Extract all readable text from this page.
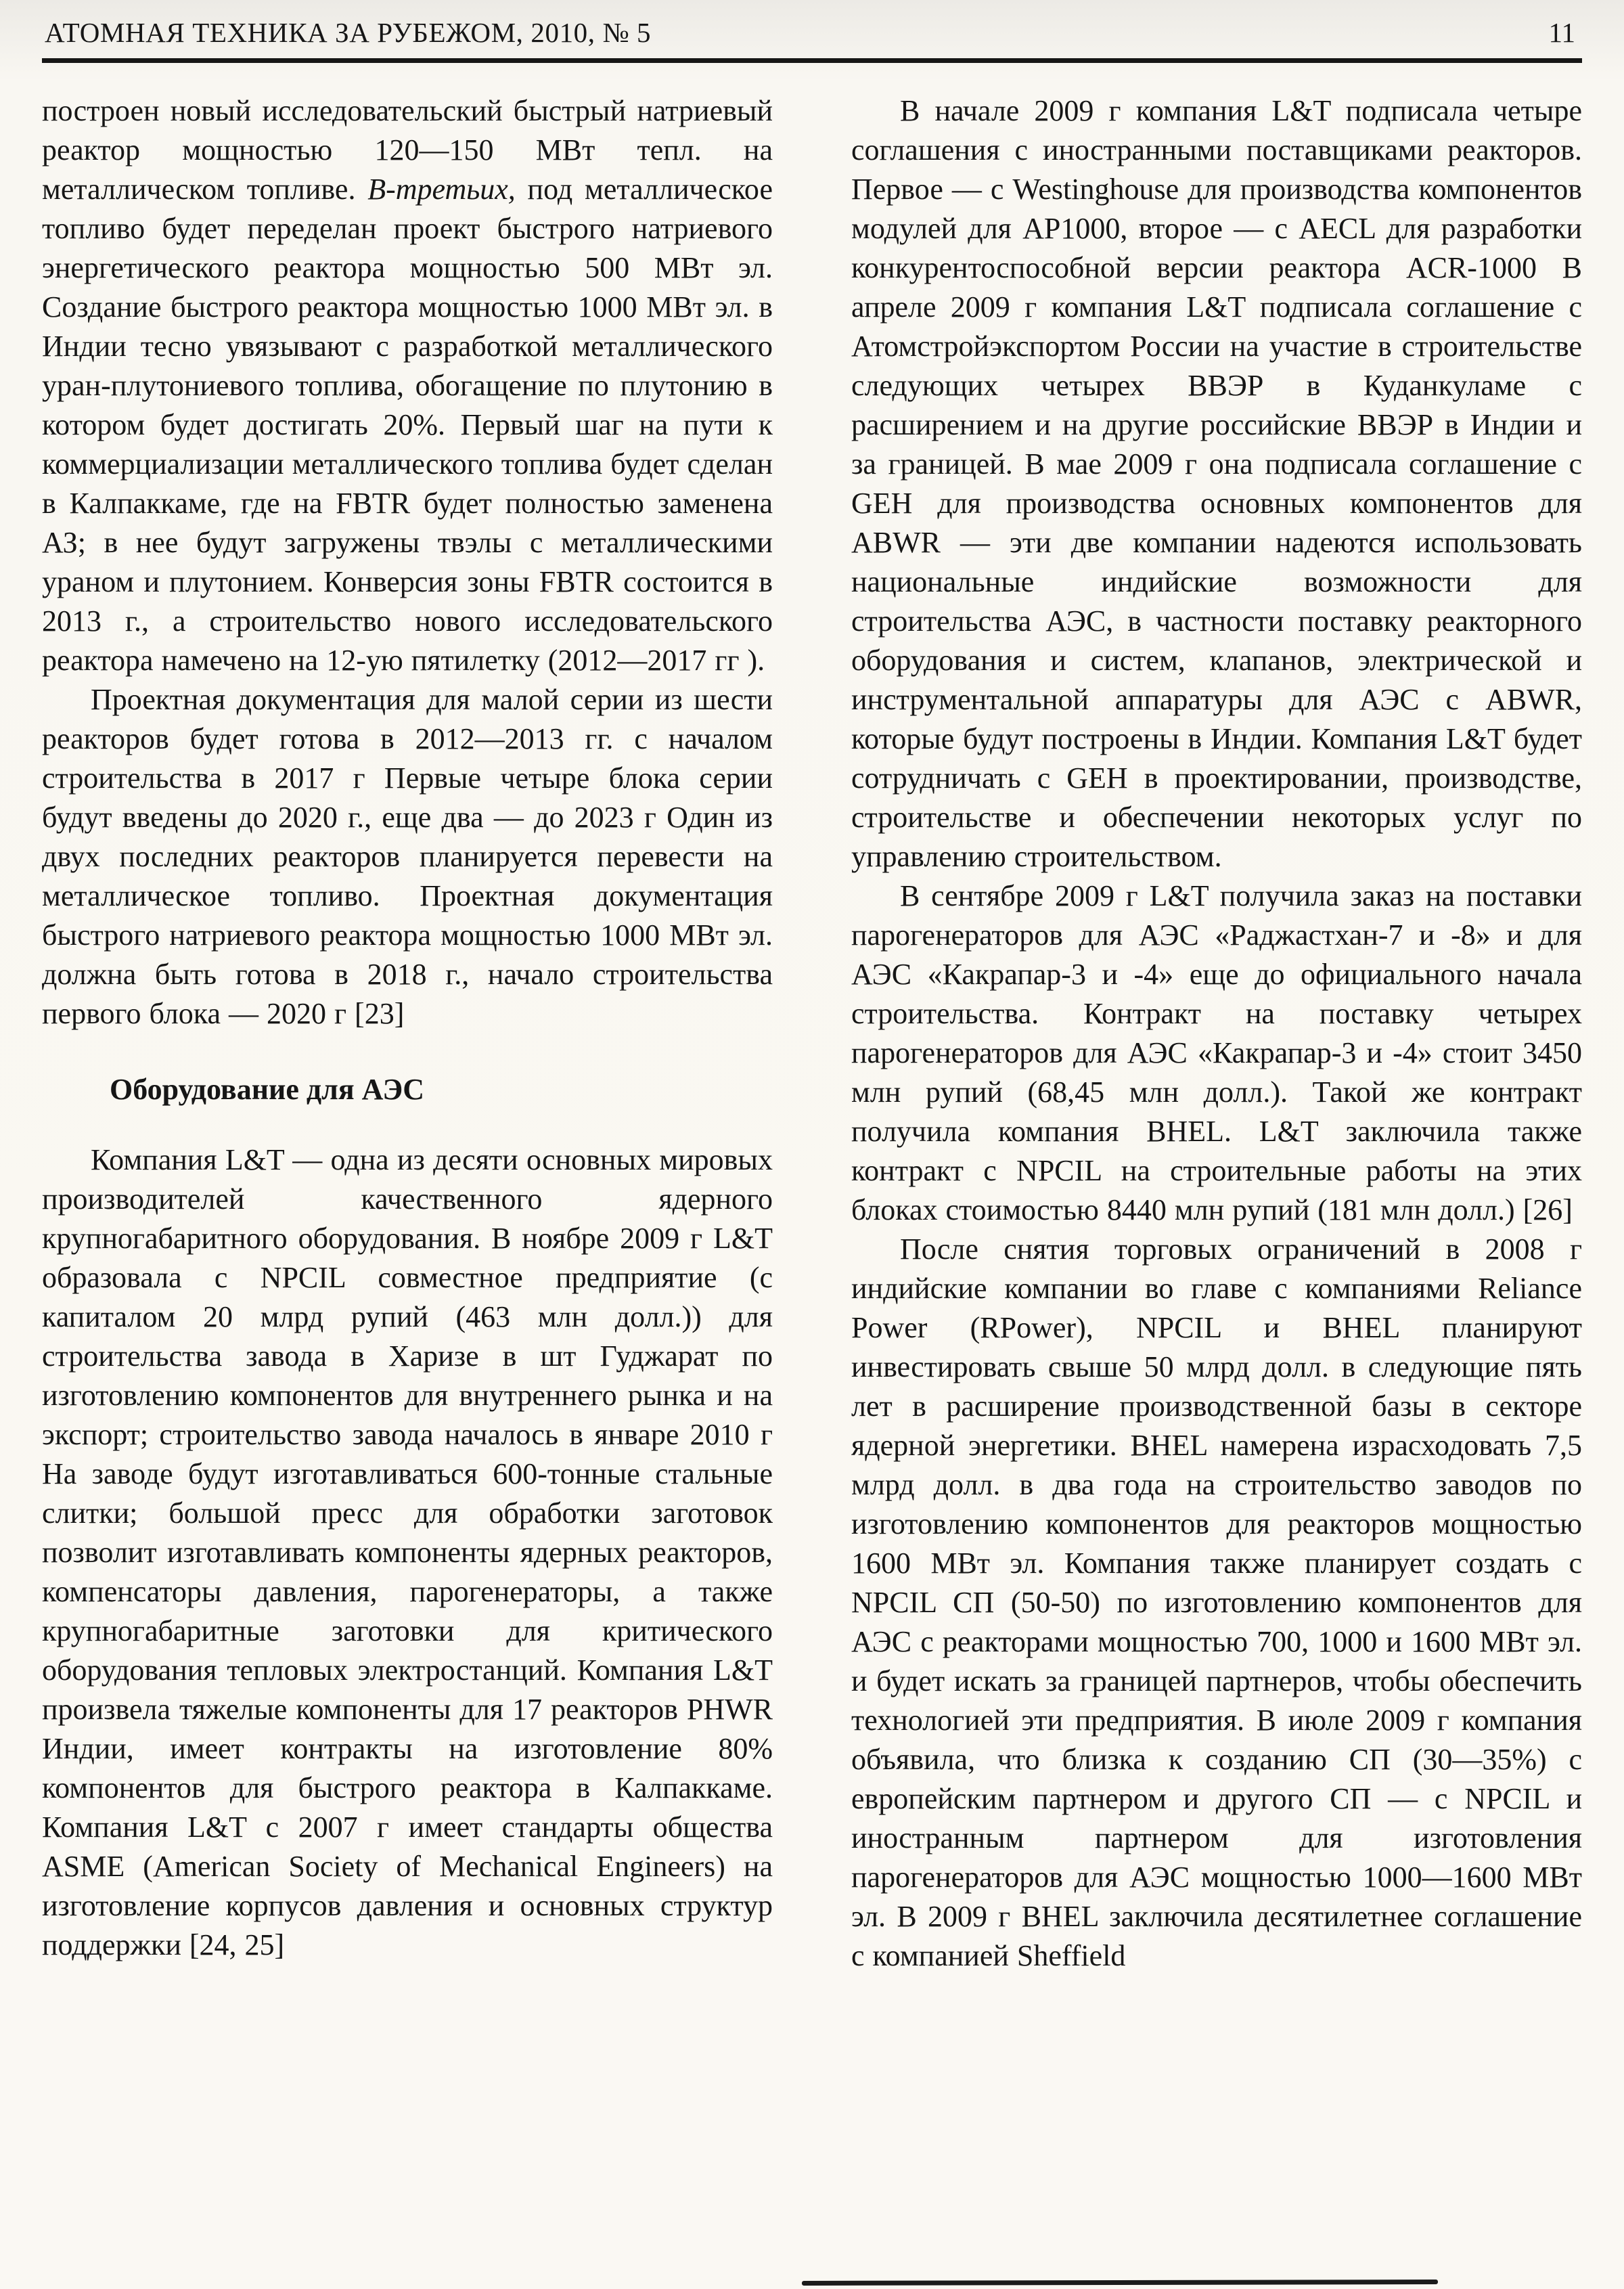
АТОМНАЯ ТЕХНИКА ЗА РУБЕЖОМ, 2010, № 5	11

построен новый исследовательский быстрый натриевый реактор мощностью 120—150 МВт тепл. на металлическом топливе. В-третьих, под металлическое топливо будет переделан проект быстрого натриевого энергетического реактора мощностью 500 МВт эл. Создание быстрого реактора мощностью 1000 МВт эл. в Индии тесно увязывают с разработкой металлического уран-плутониевого топлива, обогащение по плутонию в котором будет достигать 20%. Первый шаг на пути к коммерциализации металлического топлива будет сделан в Калпаккаме, где на FBTR будет полностью заменена АЗ; в нее будут загружены твэлы с металлическими ураном и плутонием. Конверсия зоны FBTR состоится в 2013 г., а строительство нового исследовательского реактора намечено на 12-ую пятилетку (2012—2017 гг ).

Проектная документация для малой серии из шести реакторов будет готова в 2012—2013 гг. с началом строительства в 2017 г Первые четыре блока серии будут введены до 2020 г., еще два — до 2023 г Один из двух последних реакторов планируется перевести на металлическое топливо. Проектная документация быстрого натриевого реактора мощностью 1000 МВт эл. должна быть готова в 2018 г., начало строительства первого блока — 2020 г [23]

Оборудование для АЭС

Компания L&T — одна из десяти основных мировых производителей качественного ядерного крупногабаритного оборудования. В ноябре 2009 г L&T образовала с NPCIL совместное предприятие (с капиталом 20 млрд рупий (463 млн долл.)) для строительства завода в Харизе в шт Гуджарат по изготовлению компонентов для внутреннего рынка и на экспорт; строительство завода началось в январе 2010 г На заводе будут изготавливаться 600-тонные стальные слитки; большой пресс для обработки заготовок позволит изготавливать компоненты ядерных реакторов, компенсаторы давления, парогенераторы, а также крупногабаритные заготовки для критического оборудования тепловых электростанций. Компания L&T произвела тяжелые компоненты для 17 реакторов PHWR Индии, имеет контракты на изготовление 80% компонентов для быстрого реактора в Калпаккаме. Компания L&T с 2007 г имеет стандарты общества ASME (American Society of Mechanical Engineers) на изготовление корпусов давления и основных структур поддержки [24, 25]

В начале 2009 г компания L&T подписала четыре соглашения с иностранными поставщиками реакторов. Первое — с Westinghouse для производства компонентов модулей для AP1000, второе — с AECL для разработки конкурентоспособной версии реактора ACR-1000 В апреле 2009 г компания L&T подписала соглашение с Атомстройэкспортом России на участие в строительстве следующих четырех ВВЭР в Куданкуламе с расширением и на другие российские ВВЭР в Индии и за границей. В мае 2009 г она подписала соглашение с GEH для производства основных компонентов для ABWR — эти две компании надеются использовать национальные индийские возможности для строительства АЭС, в частности поставку реакторного оборудования и систем, клапанов, электрической и инструментальной аппаратуры для АЭС с ABWR, которые будут построены в Индии. Компания L&T будет сотрудничать с GEH в проектировании, производстве, строительстве и обеспечении некоторых услуг по управлению строительством.

В сентябре 2009 г L&T получила заказ на поставки парогенераторов для АЭС «Раджастхан-7 и -8» и для АЭС «Какрапар-3 и -4» еще до официального начала строительства. Контракт на поставку четырех парогенераторов для АЭС «Какрапар-3 и -4» стоит 3450 млн рупий (68,45 млн долл.). Такой же контракт получила компания BHEL. L&T заключила также контракт с NPCIL на строительные работы на этих блоках стоимостью 8440 млн рупий (181 млн долл.) [26]

После снятия торговых ограничений в 2008 г индийские компании во главе с компаниями Reliance Power (RPower), NPCIL и BHEL планируют инвестировать свыше 50 млрд долл. в следующие пять лет в расширение производственной базы в секторе ядерной энергетики. BHEL намерена израсходовать 7,5 млрд долл. в два года на строительство заводов по изготовлению компонентов для реакторов мощностью 1600 МВт эл. Компания также планирует создать с NPCIL СП (50-50) по изготовлению компонентов для АЭС с реакторами мощностью 700, 1000 и 1600 МВт эл. и будет искать за границей партнеров, чтобы обеспечить технологией эти предприятия. В июле 2009 г компания объявила, что близка к созданию СП (30—35%) с европейским партнером и другого СП — с NPCIL и иностранным партнером для изготовления парогенераторов для АЭС мощностью 1000—1600 МВт эл. В 2009 г BHEL заключила десятилетнее соглашение с компанией Sheffield
